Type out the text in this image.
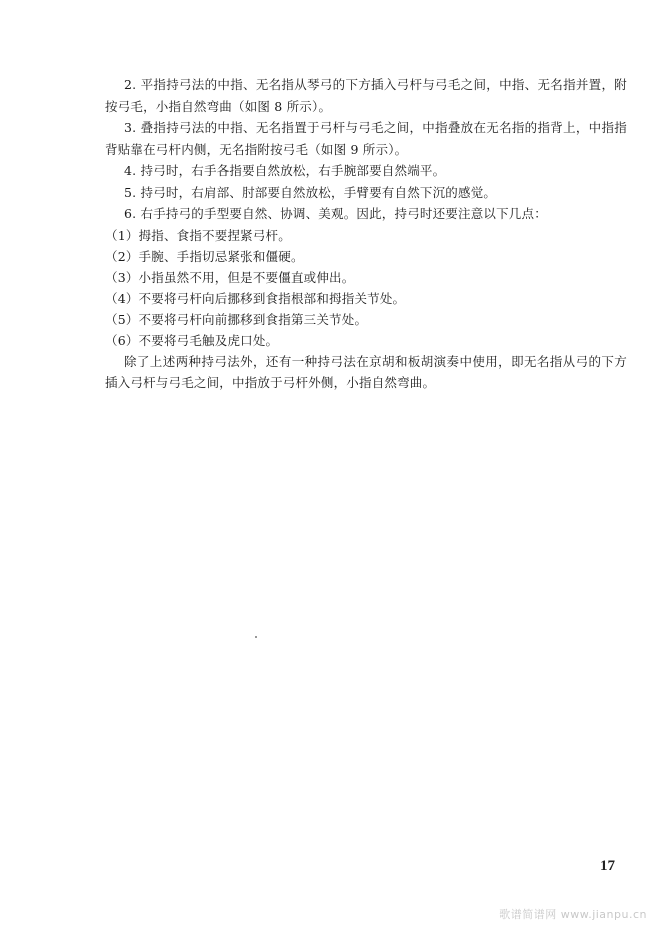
2. 平指持弓法的中指、无名指从琴弓的下方插入弓杆与弓毛之间，中指、无名指并置，附按弓毛，小指自然弯曲（如图 8 所示）。

3. 叠指持弓法的中指、无名指置于弓杆与弓毛之间，中指叠放在无名指的指背上，中指指背贴靠在弓杆内侧，无名指附按弓毛（如图 9 所示）。

4. 持弓时，右手各指要自然放松，右手腕部要自然端平。

5. 持弓时，右肩部、肘部要自然放松，手臂要有自然下沉的感觉。

6. 右手持弓的手型要自然、协调、美观。因此，持弓时还要注意以下几点：

（1）拇指、食指不要捏紧弓杆。

（2）手腕、手指切忌紧张和僵硬。

（3）小指虽然不用，但是不要僵直或伸出。

（4）不要将弓杆向后挪移到食指根部和拇指关节处。

（5）不要将弓杆向前挪移到食指第三关节处。

（6）不要将弓毛触及虎口处。

除了上述两种持弓法外，还有一种持弓法在京胡和板胡演奏中使用，即无名指从弓的下方插入弓杆与弓毛之间，中指放于弓杆外侧，小指自然弯曲。

17
歌谱简谱网 www.jianpu.cn
